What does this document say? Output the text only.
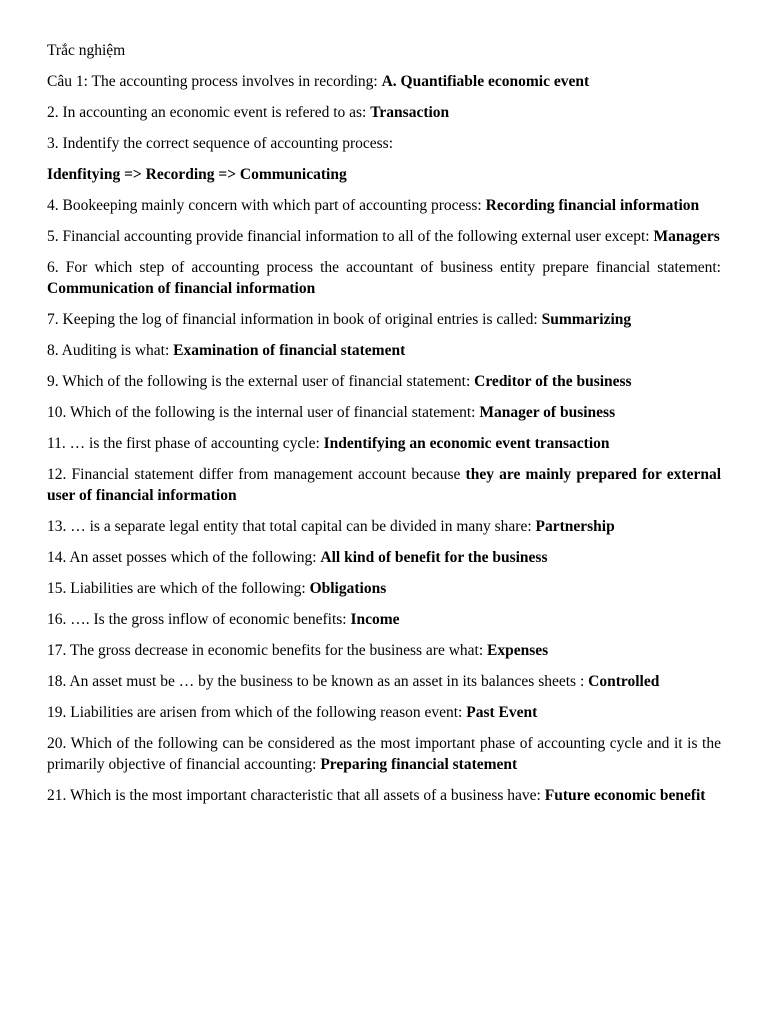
Trắc nghiệm
Câu 1: The accounting process involves in recording: A. Quantifiable economic event
2. In accounting an economic event is refered to as: Transaction
3. Indentify the correct sequence of accounting process:
Idenfitying => Recording => Communicating
4. Bookeeping mainly concern with which part of accounting process: Recording financial information
5. Financial accounting provide financial information to all of the following external user except: Managers
6. For which step of accounting process the accountant of business entity prepare financial statement: Communication of financial information
7. Keeping the log of financial information in book of original entries is called: Summarizing
8. Auditing is what: Examination of financial statement
9. Which of the following is the external user of financial statement: Creditor of the business
10. Which of the following is the internal user of financial statement: Manager of business
11. … is the first phase of accounting cycle: Indentifying an economic event transaction
12. Financial statement differ from management account because they are mainly prepared for external user of financial information
13. … is a separate legal entity that total capital can be divided in many share: Partnership
14. An asset posses which of the following: All kind of benefit for the business
15. Liabilities are which of the following: Obligations
16. …. Is the gross inflow of economic benefits: Income
17. The gross decrease in economic benefits for the business are what: Expenses
18. An asset must be … by the business to be known as an asset in its balances sheets : Controlled
19. Liabilities are arisen from which of the following reason event: Past Event
20. Which of the following can be considered as the most important phase of accounting cycle and it is the primarily objective of financial accounting: Preparing financial statement
21. Which is the most important characteristic that all assets of a business have: Future economic benefit
